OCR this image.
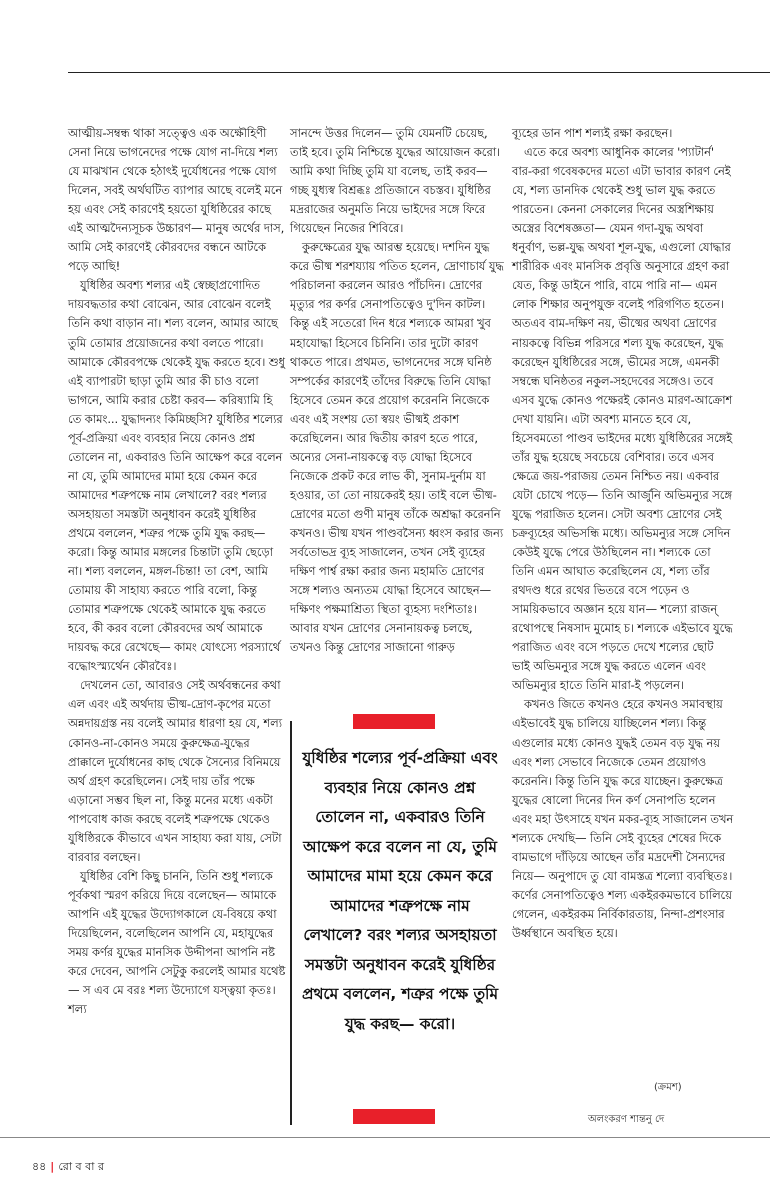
আত্মীয়-সম্বন্ধ থাকা সত্ত্বেও এক অক্ষৌহিণী সেনা নিয়ে ভাগনেদের পক্ষে যোগ না-দিয়ে শল্য যে মাঝখান থেকে হঠাৎই দুর্যোধনের পক্ষে যোগ দিলেন, সবই অর্থঘটিত ব্যাপার আছে বলেই মনে হয় এবং সেই কারণেই হয়তো যুধিষ্ঠিরের কাছে এই আত্মদৈন্যসূচক উচ্চারণ— মানুষ অর্থের দাস, আমি সেই কারণেই কৌরবদের বন্ধনে আটকে পড়ে আছি!

যুধিষ্ঠির অবশ্য শল্যর এই স্বেচ্ছাপ্রণোদিত দায়বদ্ধতার কথা বোঝেন, আর বোঝেন বলেই তিনি কথা বাড়ান না। শল্য বলেন, আমার আছে তুমি তোমার প্রয়োজনের কথা বলতে পারো। আমাকে কৌরবপক্ষে থেকেই যুদ্ধ করতে হবে। শুধু এই ব্যাপারটা ছাড়া তুমি আর কী চাও বলো ভাগনে, আমি করার চেষ্টা করব— করিষ্যামি হি তে কামং... যুদ্ধাদন্যং কিমিচ্ছসি? যুধিষ্ঠির শল্যের পূর্ব-প্রক্রিয়া এবং ব্যবহার নিয়ে কোনও প্রশ্ন তোলেন না, একবারও তিনি আক্ষেপ করে বলেন না যে, তুমি আমাদের মামা হয়ে কেমন করে আমাদের শত্রুপক্ষে নাম লেখালে? বরং শল্যর অসহায়তা সমস্তটা অনুধাবন করেই যুধিষ্ঠির প্রথমে বললেন, শত্রুর পক্ষে তুমি যুদ্ধ করছ— করো। কিন্তু আমার মঙ্গলের চিন্তাটা তুমি ছেড়ো না। শল্য বললেন, মঙ্গল-চিন্তা! তা বেশ, আমি তোমায় কী সাহায্য করতে পারি বলো, কিন্তু তোমার শত্রুপক্ষে থেকেই আমাকে যুদ্ধ করতে হবে, কী করব বলো কৌরবদের অর্থ আমাকে দায়বদ্ধ করে রেখেছে— কামং যোৎস্যে পরস্যার্থে বদ্ধোঽস্ম্যর্থেন কৌরবৈঃ।

দেখলেন তো, আবারও সেই অর্থবন্ধনের কথা এল এবং এই অর্থদায় ভীষ্ম-দ্রোণ-কৃপের মতো অন্নদায়গ্রস্ত নয় বলেই আমার ধারণা হয় যে, শল্য কোনও-না-কোনও সময়ে কুরুক্ষেত্র-যুদ্ধের প্রাক্কালে দুর্যোধনের কাছ থেকে সৈন্যের বিনিময়ে অর্থ গ্রহণ করেছিলেন। সেই দায় তাঁর পক্ষে এড়ানো সম্ভব ছিল না, কিন্তু মনের মধ্যে একটা পাপবোধ কাজ করছে বলেই শত্রুপক্ষে থেকেও যুধিষ্ঠিরকে কীভাবে এখন সাহায্য করা যায়, সেটা বারবার বলছেন।

যুধিষ্ঠির বেশি কিছু চাননি, তিনি শুধু শল্যকে পূর্বকথা স্মরণ করিয়ে দিয়ে বলেছেন— আমাকে আপনি এই যুদ্ধের উদ্যোগকালে যে-বিষয়ে কথা দিয়েছিলেন, বলেছিলেন আপনি যে, মহাযুদ্ধের সময় কর্ণর যুদ্ধের মানসিক উদ্দীপনা আপনি নষ্ট করে দেবেন, আপনি সেটুকু করলেই আমার যথেষ্ট— স এব মে বরঃ শল্য উদ্যোগে যস্ত্বয়া কৃতঃ। শল্য

সানন্দে উত্তর দিলেন— তুমি যেমনটি চেয়েছ, তাই হবে। তুমি নিশ্চিন্তে যুদ্ধের আয়োজন করো। আমি কথা দিচ্ছি তুমি যা বলেছ, তাই করব— গচ্ছ যুধ্যস্ব বিশ্রব্ধঃ প্রতিজানে বচস্তব। যুধিষ্ঠির মদ্ররাজের অনুমতি নিয়ে ভাইদের সঙ্গে ফিরে গিয়েছেন নিজের শিবিরে।

কুরুক্ষেত্রের যুদ্ধ আরম্ভ হয়েছে। দশদিন যুদ্ধ করে ভীষ্ম শরশয্যায় পতিত হলেন, দ্রোণাচার্য যুদ্ধ পরিচালনা করলেন আরও পাঁচদিন। দ্রোণের মৃত্যুর পর কর্ণর সেনাপতিত্বেও দু'দিন কাটল। কিন্তু এই সতেরো দিন ধরে শল্যকে আমরা খুব মহাযোদ্ধা হিসেবে চিনিনি। তার দুটো কারণ থাকতে পারে। প্রথমত, ভাগনেদের সঙ্গে ঘনিষ্ঠ সম্পর্কের কারণেই তাঁদের বিরুদ্ধে তিনি যোদ্ধা হিসেবে তেমন করে প্রয়োগ করেননি নিজেকে এবং এই সংশয় তো স্বয়ং ভীষ্মই প্রকাশ করেছিলেন। আর দ্বিতীয় কারণ হতে পারে, অন্যের সেনা-নায়কত্বে বড় যোদ্ধা হিসেবে নিজেকে প্রকট করে লাভ কী, সুনাম-দুর্নাম যা হওয়ার, তা তো নায়কেরই হয়। তাই বলে ভীষ্ম-দ্রোণের মতো গুণী মানুষ তাঁকে অশ্রদ্ধা করেননি কখনও। ভীষ্ম যখন পাণ্ডবসৈন্য ধ্বংস করার জন্য সর্বতোভদ্র ব্যূহ সাজালেন, তখন সেই ব্যূহের দক্ষিণ পার্শ্ব রক্ষা করার জন্য মহামতি দ্রোণের সঙ্গে শল্যও অন্যতম যোদ্ধা হিসেবে আছেন— দক্ষিণং পক্ষমাশ্রিত্য স্থিতা ব্যূহস্য দংশিতাঃ। আবার যখন দ্রোণের সেনানায়কত্ব চলছে, তখনও কিন্তু দ্রোণের সাজানো গারুড়

ব্যূহের ডান পাশ শল্যই রক্ষা করছেন।

এতে করে অবশ্য আধুনিক কালের 'প্যাটার্ন' বার-করা গবেষকদের মতো এটা ভাবার কারণ নেই যে, শল্য ডানদিক থেকেই শুধু ভাল যুদ্ধ করতে পারতেন। কেননা সেকালের দিনের অস্ত্রশিক্ষায় অস্ত্রের বিশেষজ্ঞতা— যেমন গদা-যুদ্ধ অথবা ধনুর্বাণ, ভল্ল-যুদ্ধ অথবা শূল-যুদ্ধ, এগুলো যোদ্ধার শারীরিক এবং মানসিক প্রবৃত্তি অনুসারে গ্রহণ করা যেত, কিন্তু ডাইনে পারি, বামে পারি না— এমন লোক শিক্ষার অনুপযুক্ত বলেই পরিগণিত হতেন। অতএব বাম-দক্ষিণ নয়, ভীষ্মের অথবা দ্রোণের নায়কত্বে বিভিন্ন পরিসরে শল্য যুদ্ধ করেছেন, যুদ্ধ করেছেন যুধিষ্ঠিরের সঙ্গে, ভীমের সঙ্গে, এমনকী সম্বন্ধে ঘনিষ্ঠতর নকুল-সহদেবের সঙ্গেও। তবে এসব যুদ্ধে কোনও পক্ষেরই কোনও মারণ-আক্রোশ দেখা যায়নি। এটা অবশ্য মানতে হবে যে, হিসেবমতো পাণ্ডব ভাইদের মধ্যে যুধিষ্ঠিরের সঙ্গেই তাঁর যুদ্ধ হয়েছে সবচেয়ে বেশিবার। তবে এসব ক্ষেত্রে জয়-পরাজয় তেমন নিশ্চিত নয়। একবার যেটা চোখে পড়ে— তিনি আর্জুনি অভিমন্যুর সঙ্গে যুদ্ধে পরাজিত হলেন। সেটা অবশ্য দ্রোণের সেই চক্রব্যূহের অভিসন্ধি মধ্যে। অভিমন্যুর সঙ্গে সেদিন কেউই যুদ্ধে পেরে উঠছিলেন না। শল্যকে তো তিনি এমন আঘাত করেছিলেন যে, শল্য তাঁর রথদণ্ড ধরে রথের ভিতরে বসে পড়েন ও সাময়িকভাবে অজ্ঞান হয়ে যান— শল্যো রাজন্‌ রথোপস্থে নিষসাদ মুমোহ চ। শল্যকে এইভাবে যুদ্ধে পরাজিত এবং বসে পড়তে দেখে শল্যের ছোট ভাই অভিমন্যুর সঙ্গে যুদ্ধ করতে এলেন এবং অভিমন্যুর হাতে তিনি মারা-ই পড়লেন।

কখনও জিতে কখনও হেরে কখনও সমাবস্থায় এইভাবেই যুদ্ধ চালিয়ে যাচ্ছিলেন শল্য। কিন্তু এগুলোর মধ্যে কোনও যুদ্ধই তেমন বড় যুদ্ধ নয় এবং শল্য সেভাবে নিজেকে তেমন প্রয়োগও করেননি। কিন্তু তিনি যুদ্ধ করে যাচ্ছেন। কুরুক্ষেত্র যুদ্ধের ষোলো দিনের দিন কর্ণ সেনাপতি হলেন এবং মহা উৎসাহে যখন মকর-ব্যূহ সাজালেন তখন শল্যকে দেখছি— তিনি সেই ব্যূহের শেষের দিকে বামভাগে দাঁড়িয়ে আছেন তাঁর মদ্রদেশী সৈন্যদের নিয়ে— অনুপাদে তু যো বামস্তত্র শল্যো ব্যবস্থিতঃ। কর্ণের সেনাপতিত্বেও শল্য একইরকমভাবে চালিয়ে গেলেন, একইরকম নির্বিকারতায়, নিন্দা-প্রশংসার উর্ধ্বস্থানে অবস্থিত হয়ে।

যুধিষ্ঠির শল্যের পূর্ব-প্রক্রিয়া এবং ব্যবহার নিয়ে কোনও প্রশ্ন তোলেন না, একবারও তিনি আক্ষেপ করে বলেন না যে, তুমি আমাদের মামা হয়ে কেমন করে আমাদের শত্রুপক্ষে নাম লেখালে? বরং শল্যর অসহায়তা সমস্তটা অনুধাবন করেই যুধিষ্ঠির প্রথমে বললেন, শত্রুর পক্ষে তুমি যুদ্ধ করছ— করো।
(ক্রমশ)
অলংকরণ শান্তনু দে
৪৪ | রো ব বা র
